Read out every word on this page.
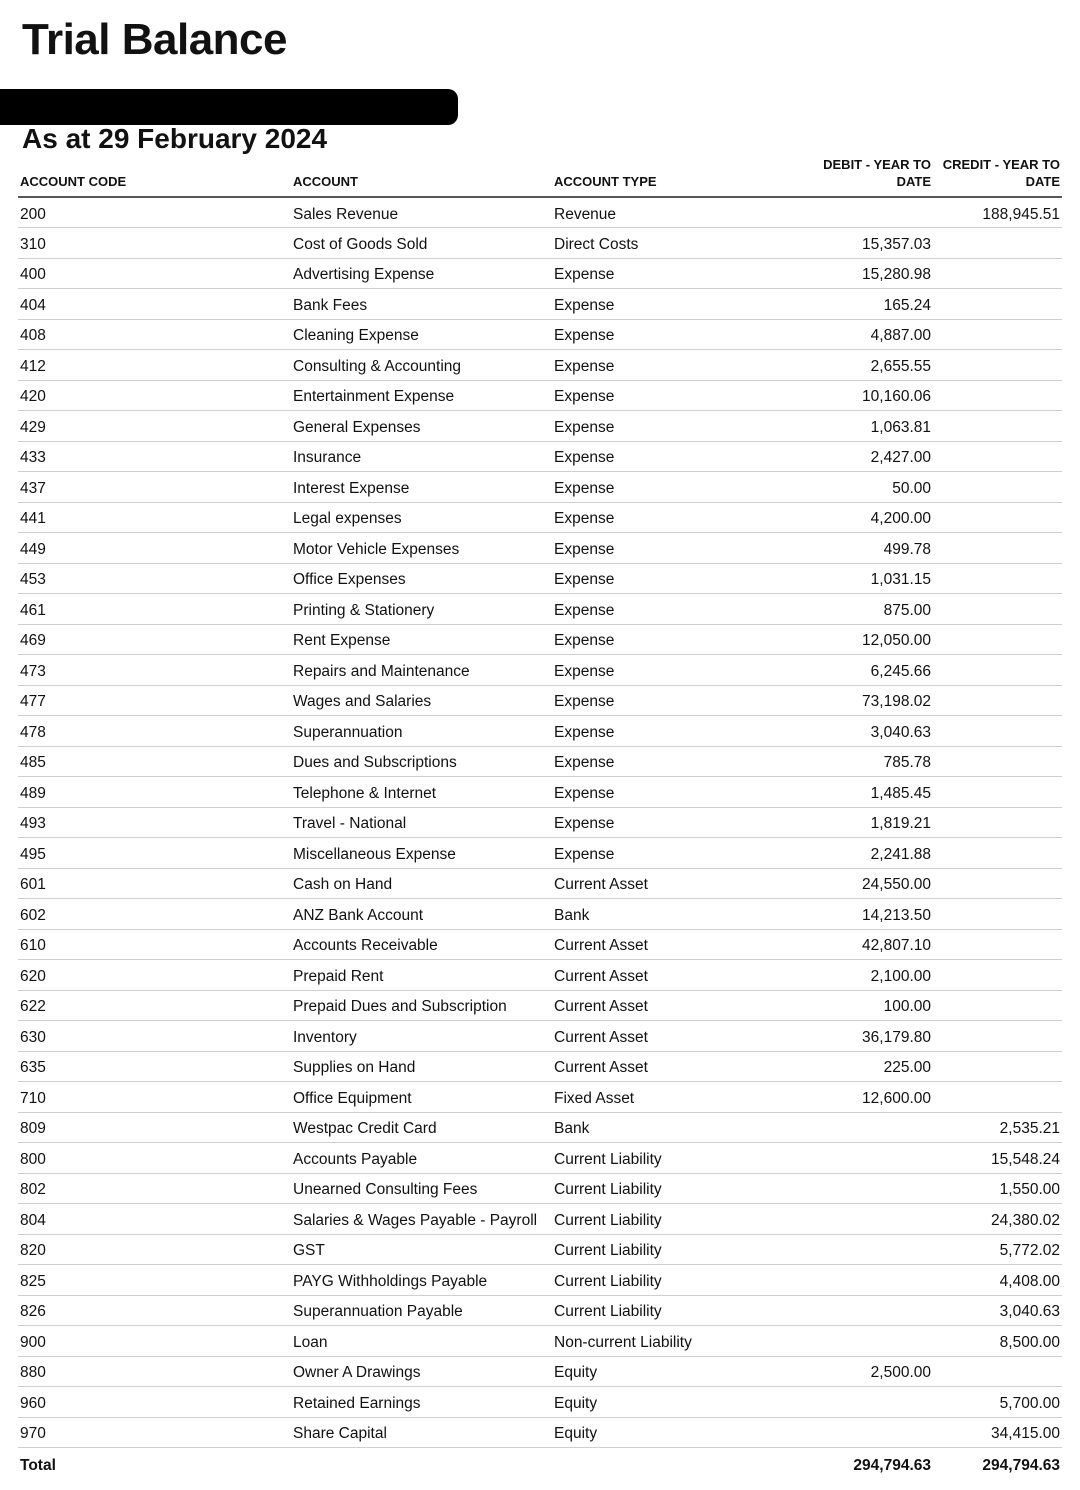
Trial Balance
As at 29 February 2024
ACCOUNT CODE	ACCOUNT	ACCOUNT TYPE	DEBIT - YEAR TO DATE	CREDIT - YEAR TO DATE
200	Sales Revenue	Revenue		188,945.51
310	Cost of Goods Sold	Direct Costs	15,357.03	
400	Advertising Expense	Expense	15,280.98	
404	Bank Fees	Expense	165.24	
408	Cleaning Expense	Expense	4,887.00	
412	Consulting & Accounting	Expense	2,655.55	
420	Entertainment Expense	Expense	10,160.06	
429	General Expenses	Expense	1,063.81	
433	Insurance	Expense	2,427.00	
437	Interest Expense	Expense	50.00	
441	Legal expenses	Expense	4,200.00	
449	Motor Vehicle Expenses	Expense	499.78	
453	Office Expenses	Expense	1,031.15	
461	Printing & Stationery	Expense	875.00	
469	Rent Expense	Expense	12,050.00	
473	Repairs and Maintenance	Expense	6,245.66	
477	Wages and Salaries	Expense	73,198.02	
478	Superannuation	Expense	3,040.63	
485	Dues and Subscriptions	Expense	785.78	
489	Telephone & Internet	Expense	1,485.45	
493	Travel - National	Expense	1,819.21	
495	Miscellaneous Expense	Expense	2,241.88	
601	Cash on Hand	Current Asset	24,550.00	
602	ANZ Bank Account	Bank	14,213.50	
610	Accounts Receivable	Current Asset	42,807.10	
620	Prepaid Rent	Current Asset	2,100.00	
622	Prepaid Dues and Subscription	Current Asset	100.00	
630	Inventory	Current Asset	36,179.80	
635	Supplies on Hand	Current Asset	225.00	
710	Office Equipment	Fixed Asset	12,600.00	
809	Westpac Credit Card	Bank		2,535.21
800	Accounts Payable	Current Liability		15,548.24
802	Unearned Consulting Fees	Current Liability		1,550.00
804	Salaries & Wages Payable - Payroll	Current Liability		24,380.02
820	GST	Current Liability		5,772.02
825	PAYG Withholdings Payable	Current Liability		4,408.00
826	Superannuation Payable	Current Liability		3,040.63
900	Loan	Non-current Liability		8,500.00
880	Owner A Drawings	Equity	2,500.00	
960	Retained Earnings	Equity		5,700.00
970	Share Capital	Equity		34,415.00
Total			294,794.63	294,794.63
